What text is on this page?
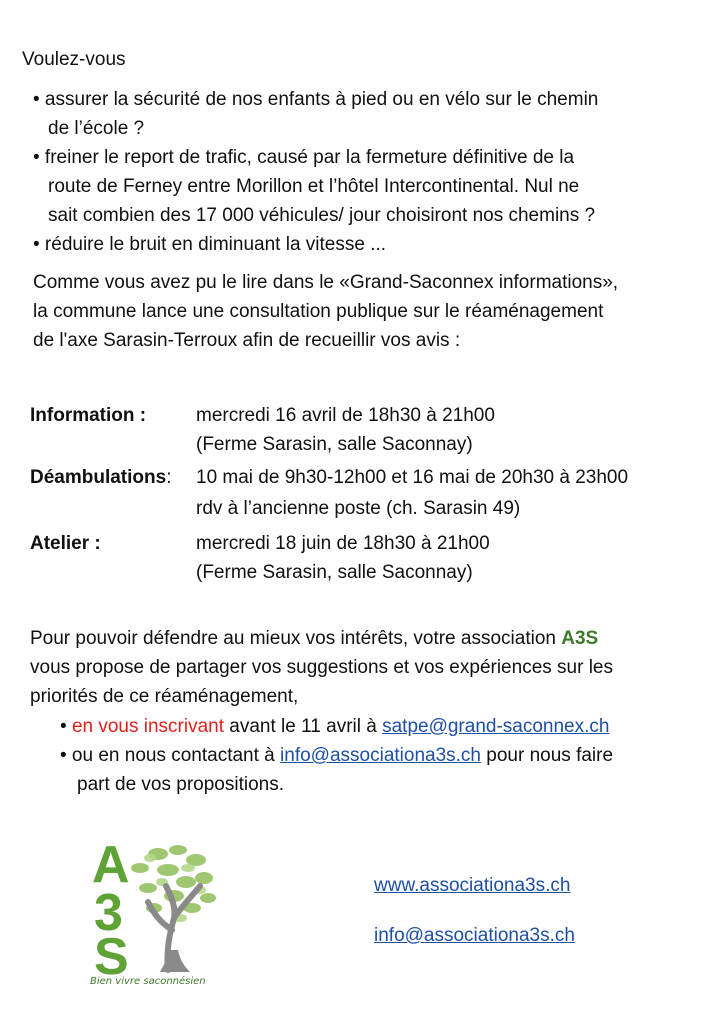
Voulez-vous
• assurer la sécurité de nos enfants à pied ou en vélo sur le chemin
de l’école ?
• freiner le report de trafic, causé par la fermeture définitive de la
route de Ferney entre Morillon et l’hôtel Intercontinental. Nul ne
sait combien des 17 000 véhicules/ jour choisiront nos chemins ?
• réduire le bruit en diminuant la vitesse ...
Comme vous avez pu le lire dans le «Grand-Saconnex informations»,
la commune lance une consultation publique sur le réaménagement
de l'axe Sarasin-Terroux afin de recueillir vos avis :
Information :	mercredi 16 avril de 18h30 à 21h00
(Ferme Sarasin, salle Saconnay)
Déambulations: 10 mai de 9h30-12h00 et 16 mai de 20h30 à 23h00
rdv à l’ancienne poste (ch. Sarasin 49)
Atelier :	mercredi 18 juin de 18h30 à 21h00
(Ferme Sarasin, salle Saconnay)
Pour pouvoir défendre au mieux vos intérêts, votre association A3S
vous propose de partager vos suggestions et vos expériences sur les
priorités de ce réaménagement,
• en vous inscrivant avant le 11 avril à satpe@grand-saconnex.ch
• ou en nous contactant à info@associationa3s.ch pour nous faire
part de vos propositions.
A
3
S
Bien vivre saconnésien
www.associationa3s.ch
info@associationa3s.ch
